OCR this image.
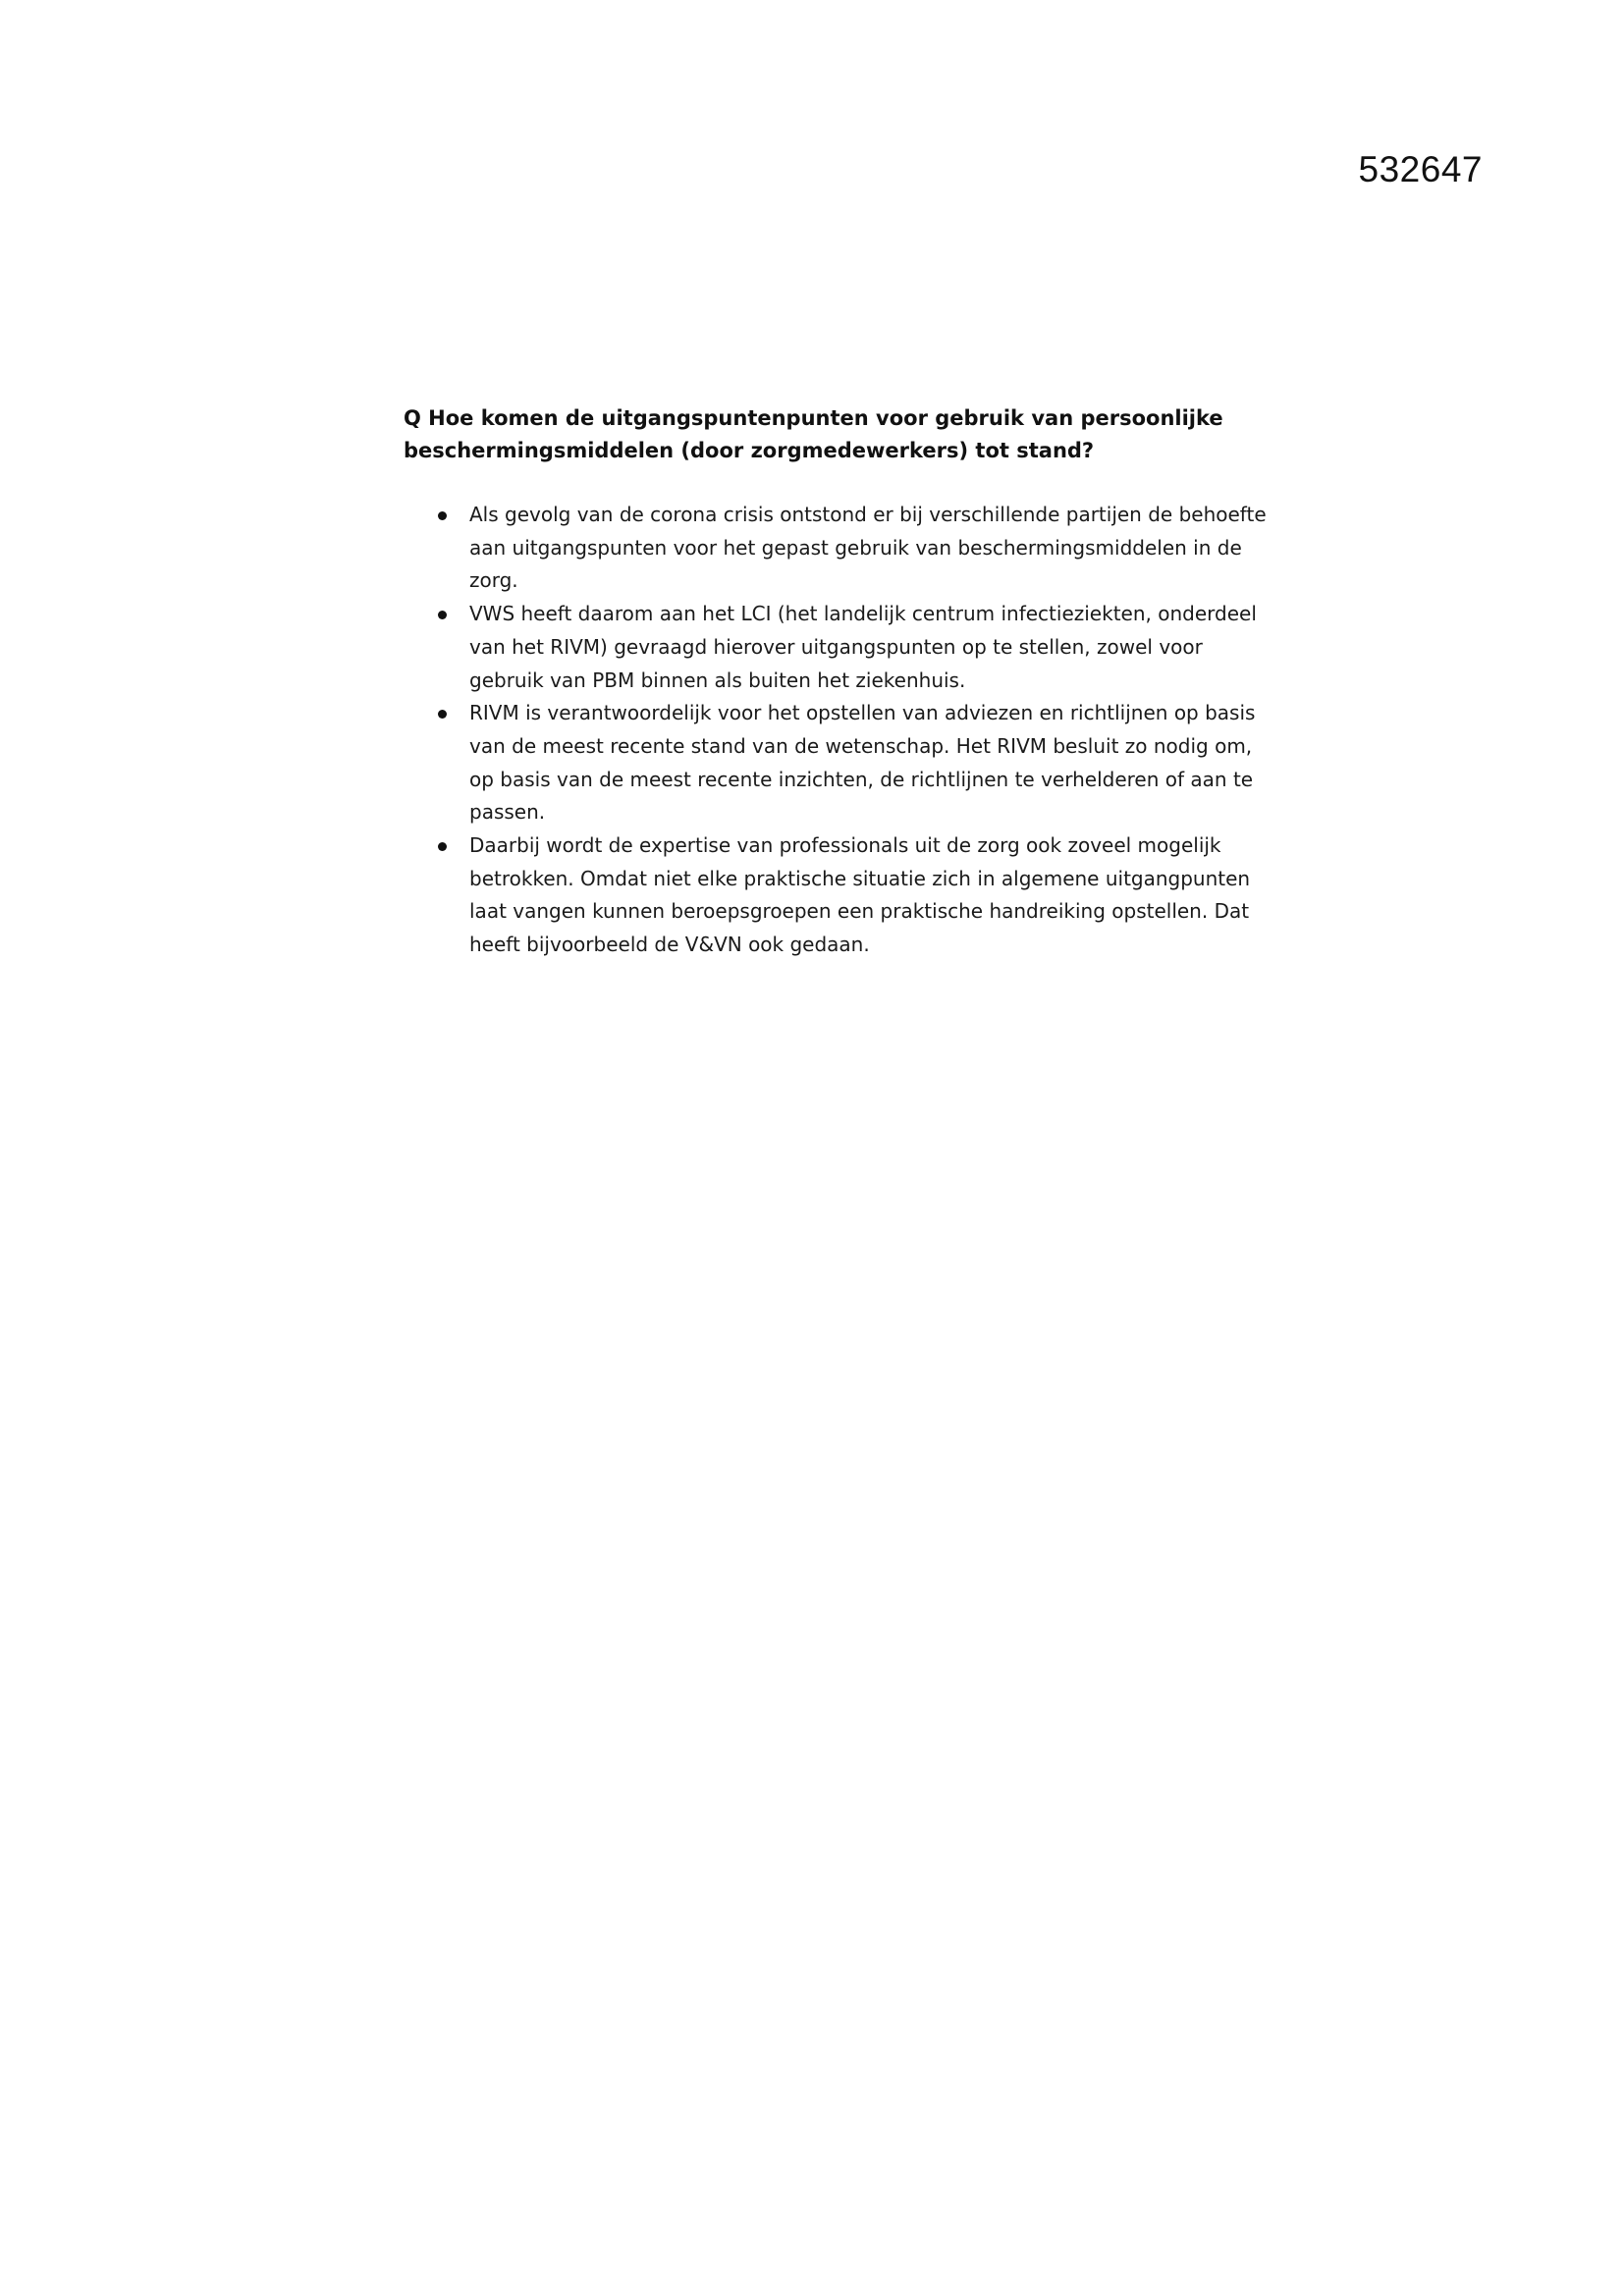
532647
Q Hoe komen de uitgangspuntenpunten voor gebruik van persoonlijke beschermingsmiddelen (door zorgmedewerkers) tot stand?
Als gevolg van de corona crisis ontstond er bij verschillende partijen de behoefte aan uitgangspunten voor het gepast gebruik van beschermingsmiddelen in de zorg.
VWS heeft daarom aan het LCI (het landelijk centrum infectieziekten, onderdeel van het RIVM) gevraagd hierover uitgangspunten op te stellen, zowel voor gebruik van PBM binnen als buiten het ziekenhuis.
RIVM is verantwoordelijk voor het opstellen van adviezen en richtlijnen op basis van de meest recente stand van de wetenschap. Het RIVM besluit zo nodig om, op basis van de meest recente inzichten, de richtlijnen te verhelderen of aan te passen.
Daarbij wordt de expertise van professionals uit de zorg ook zoveel mogelijk betrokken. Omdat niet elke praktische situatie zich in algemene uitgangpunten laat vangen kunnen beroepsgroepen een praktische handreiking opstellen. Dat heeft bijvoorbeeld de V&VN ook gedaan.
